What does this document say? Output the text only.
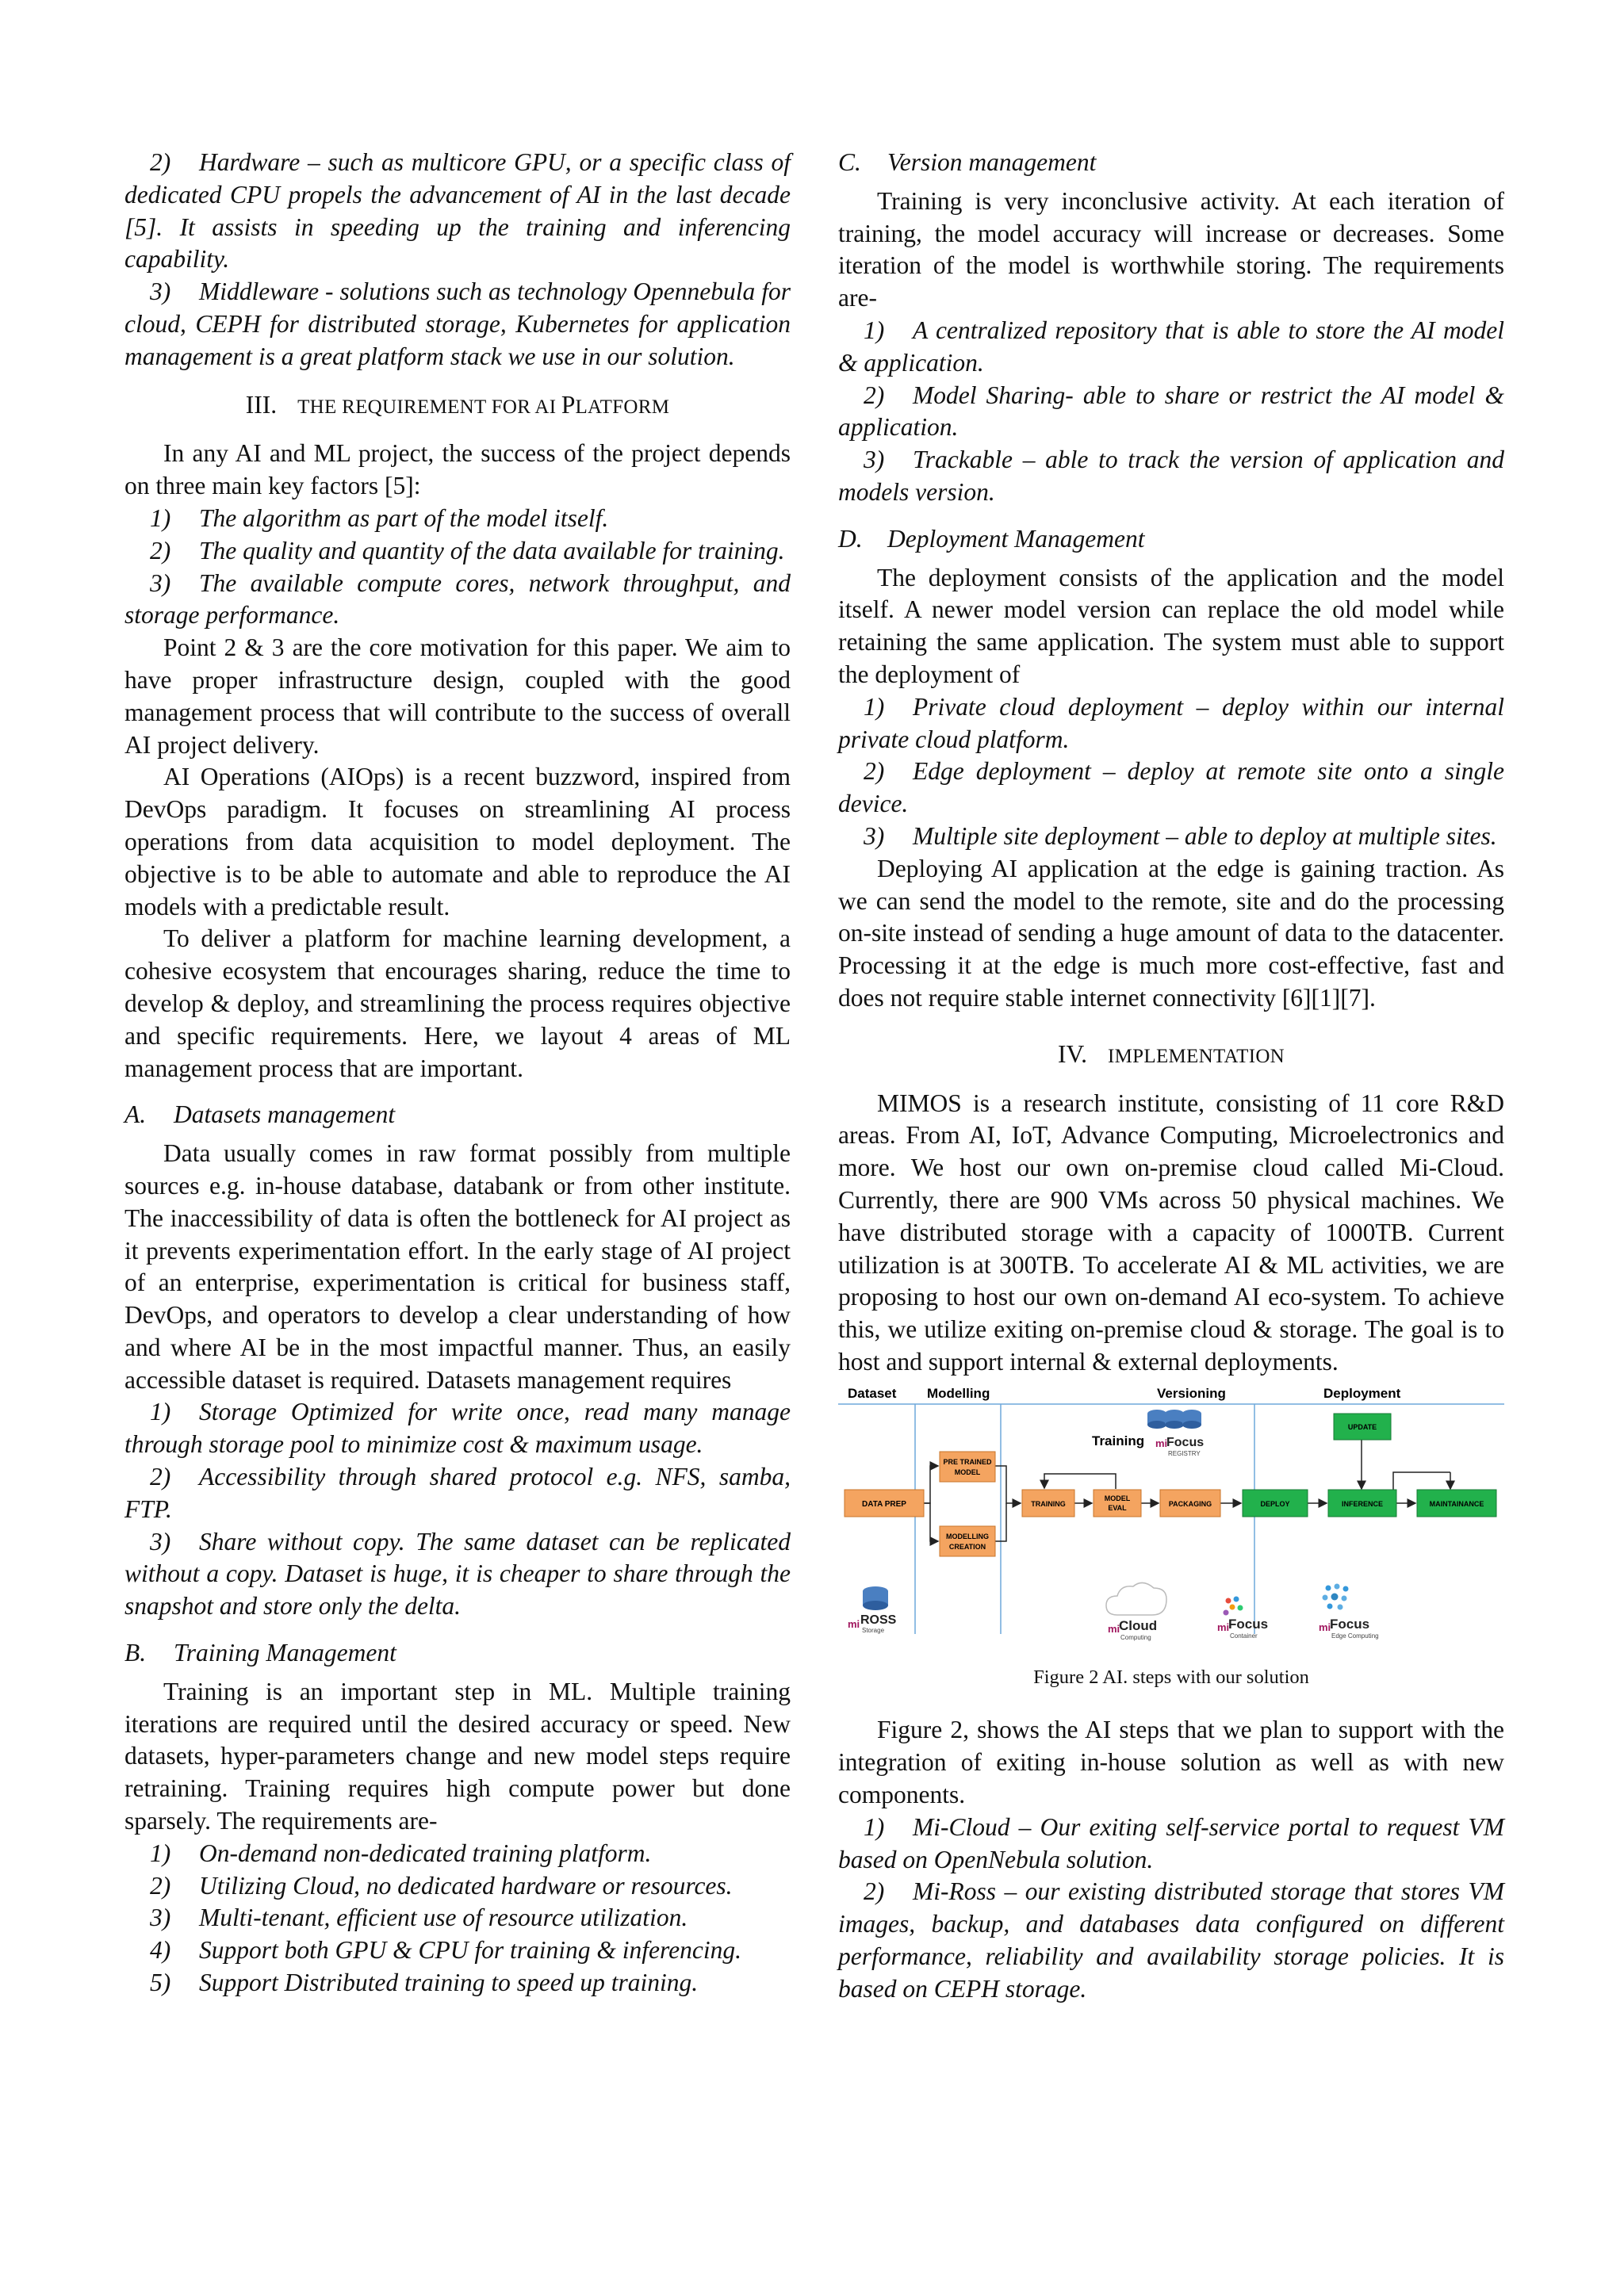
2) Hardware – such as multicore GPU, or a specific class of dedicated CPU propels the advancement of AI in the last decade [5]. It assists in speeding up the training and inferencing capability.

3) Middleware - solutions such as technology Opennebula for cloud, CEPH for distributed storage, Kubernetes for application management is a great platform stack we use in our solution.

III. THE REQUIREMENT FOR AI PLATFORM

In any AI and ML project, the success of the project depends on three main key factors [5]:

1) The algorithm as part of the model itself.

2) The quality and quantity of the data available for training.

3) The available compute cores, network throughput, and storage performance.

Point 2 & 3 are the core motivation for this paper. We aim to have proper infrastructure design, coupled with the good management process that will contribute to the success of overall AI project delivery.

AI Operations (AIOps) is a recent buzzword, inspired from DevOps paradigm. It focuses on streamlining AI process operations from data acquisition to model deployment. The objective is to be able to automate and able to reproduce the AI models with a predictable result.

To deliver a platform for machine learning development, a cohesive ecosystem that encourages sharing, reduce the time to develop & deploy, and streamlining the process requires objective and specific requirements. Here, we layout 4 areas of ML management process that are important.

A. Datasets management

Data usually comes in raw format possibly from multiple sources e.g. in-house database, databank or from other institute. The inaccessibility of data is often the bottleneck for AI project as it prevents experimentation effort. In the early stage of AI project of an enterprise, experimentation is critical for business staff, DevOps, and operators to develop a clear understanding of how and where AI be in the most impactful manner. Thus, an easily accessible dataset is required. Datasets management requires

1) Storage Optimized for write once, read many manage through storage pool to minimize cost & maximum usage.

2) Accessibility through shared protocol e.g. NFS, samba, FTP.

3) Share without copy. The same dataset can be replicated without a copy. Dataset is huge, it is cheaper to share through the snapshot and store only the delta.

B. Training Management

Training is an important step in ML. Multiple training iterations are required until the desired accuracy or speed. New datasets, hyper-parameters change and new model steps require retraining. Training requires high compute power but done sparsely. The requirements are-

1) On-demand non-dedicated training platform.

2) Utilizing Cloud, no dedicated hardware or resources.

3) Multi-tenant, efficient use of resource utilization.

4) Support both GPU & CPU for training & inferencing.

5) Support Distributed training to speed up training.

C. Version management

Training is very inconclusive activity. At each iteration of training, the model accuracy will increase or decreases. Some iteration of the model is worthwhile storing. The requirements are-

1) A centralized repository that is able to store the AI model & application.

2) Model Sharing- able to share or restrict the AI model & application.

3) Trackable – able to track the version of application and models version.

D. Deployment Management

The deployment consists of the application and the model itself. A newer model version can replace the old model while retaining the same application. The system must able to support the deployment of

1) Private cloud deployment – deploy within our internal private cloud platform.

2) Edge deployment – deploy at remote site onto a single device.

3) Multiple site deployment – able to deploy at multiple sites.

Deploying AI application at the edge is gaining traction. As we can send the model to the remote, site and do the processing on-site instead of sending a huge amount of data to the datacenter. Processing it at the edge is much more cost-effective, fast and does not require stable internet connectivity [6][1][7].

IV. IMPLEMENTATION

MIMOS is a research institute, consisting of 11 core R&D areas. From AI, IoT, Advance Computing, Microelectronics and more. We host our own on-premise cloud called Mi-Cloud. Currently, there are 900 VMs across 50 physical machines. We have distributed storage with a capacity of 1000TB. Current utilization is at 300TB. To accelerate AI & ML activities, we are proposing to host our own on-demand AI eco-system. To achieve this, we utilize exiting on-premise cloud & storage. The goal is to host and support internal & external deployments.

Dataset Modelling	Versioning	Deployment
mi
Focus
REGISTRY
Training
DATA PREP
PRE TRAINED
MODEL
MODELLING
CREATION
TRAINING
MODEL
EVAL	PACKAGING	DEPLOY
UPDATE
INFERENCE	MAINTAINANCE
mi ROSS
Storage	mi
Cloud
Computing
mi
Focus
Container
mi
Focus
Edge Computing
Figure 2 AI. steps with our solution

Figure 2, shows the AI steps that we plan to support with the integration of exiting in-house solution as well as with new components.

1) Mi-Cloud – Our exiting self-service portal to request VM based on OpenNebula solution.

2) Mi-Ross – our existing distributed storage that stores VM images, backup, and databases data configured on different performance, reliability and availability storage policies. It is based on CEPH storage.
